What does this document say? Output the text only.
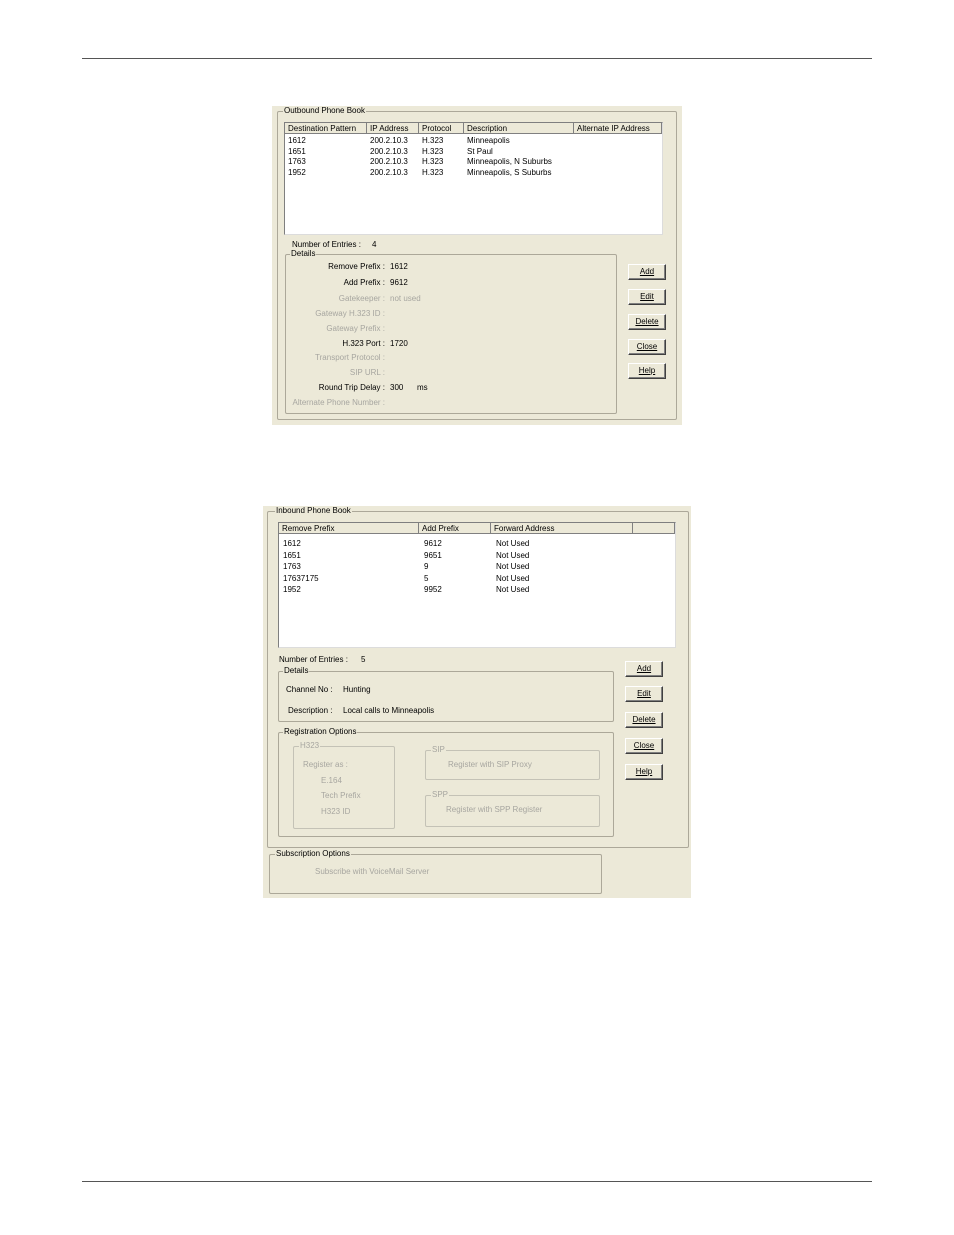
Outbound Phone Book
Destination Pattern	IP Address	Protocol	Description	Alternate IP Address
1612	200.2.10.3 H.323	Minneapolis
1651	200.2.10.3 H.323	St Paul
1763	200.2.10.3 H.323	Minneapolis, N Suburbs
1952	200.2.10.3 H.323	Minneapolis, S Suburbs
Number of Entries : 4
Details
Remove Prefix : 1612
Add Prefix : 9612
Gatekeeper : not used
Gateway H.323 ID :
Gateway Prefix :
H.323 Port : 1720
Transport Protocol :
SIP URL :
Round Trip Delay : 300 ms
Alternate Phone Number :
Add
Edit
Delete
Close
Help
Inbound Phone Book
Remove Prefix	Add Prefix	Forward Address
1612	9612	Not Used
1651	9651	Not Used
1763	9	Not Used
17637175	5	Not Used
1952	9952	Not Used
Number of Entries : 5
Details
Channel No : Hunting
Description : Local calls to Minneapolis
Registration Options
H323
Register as :
E.164
Tech Prefix
H323 ID
SIP
Register with SIP Proxy
SPP
Register with SPP Register
Add
Edit
Delete
Close
Help
Subscription Options
Subscribe with VoiceMail Server
